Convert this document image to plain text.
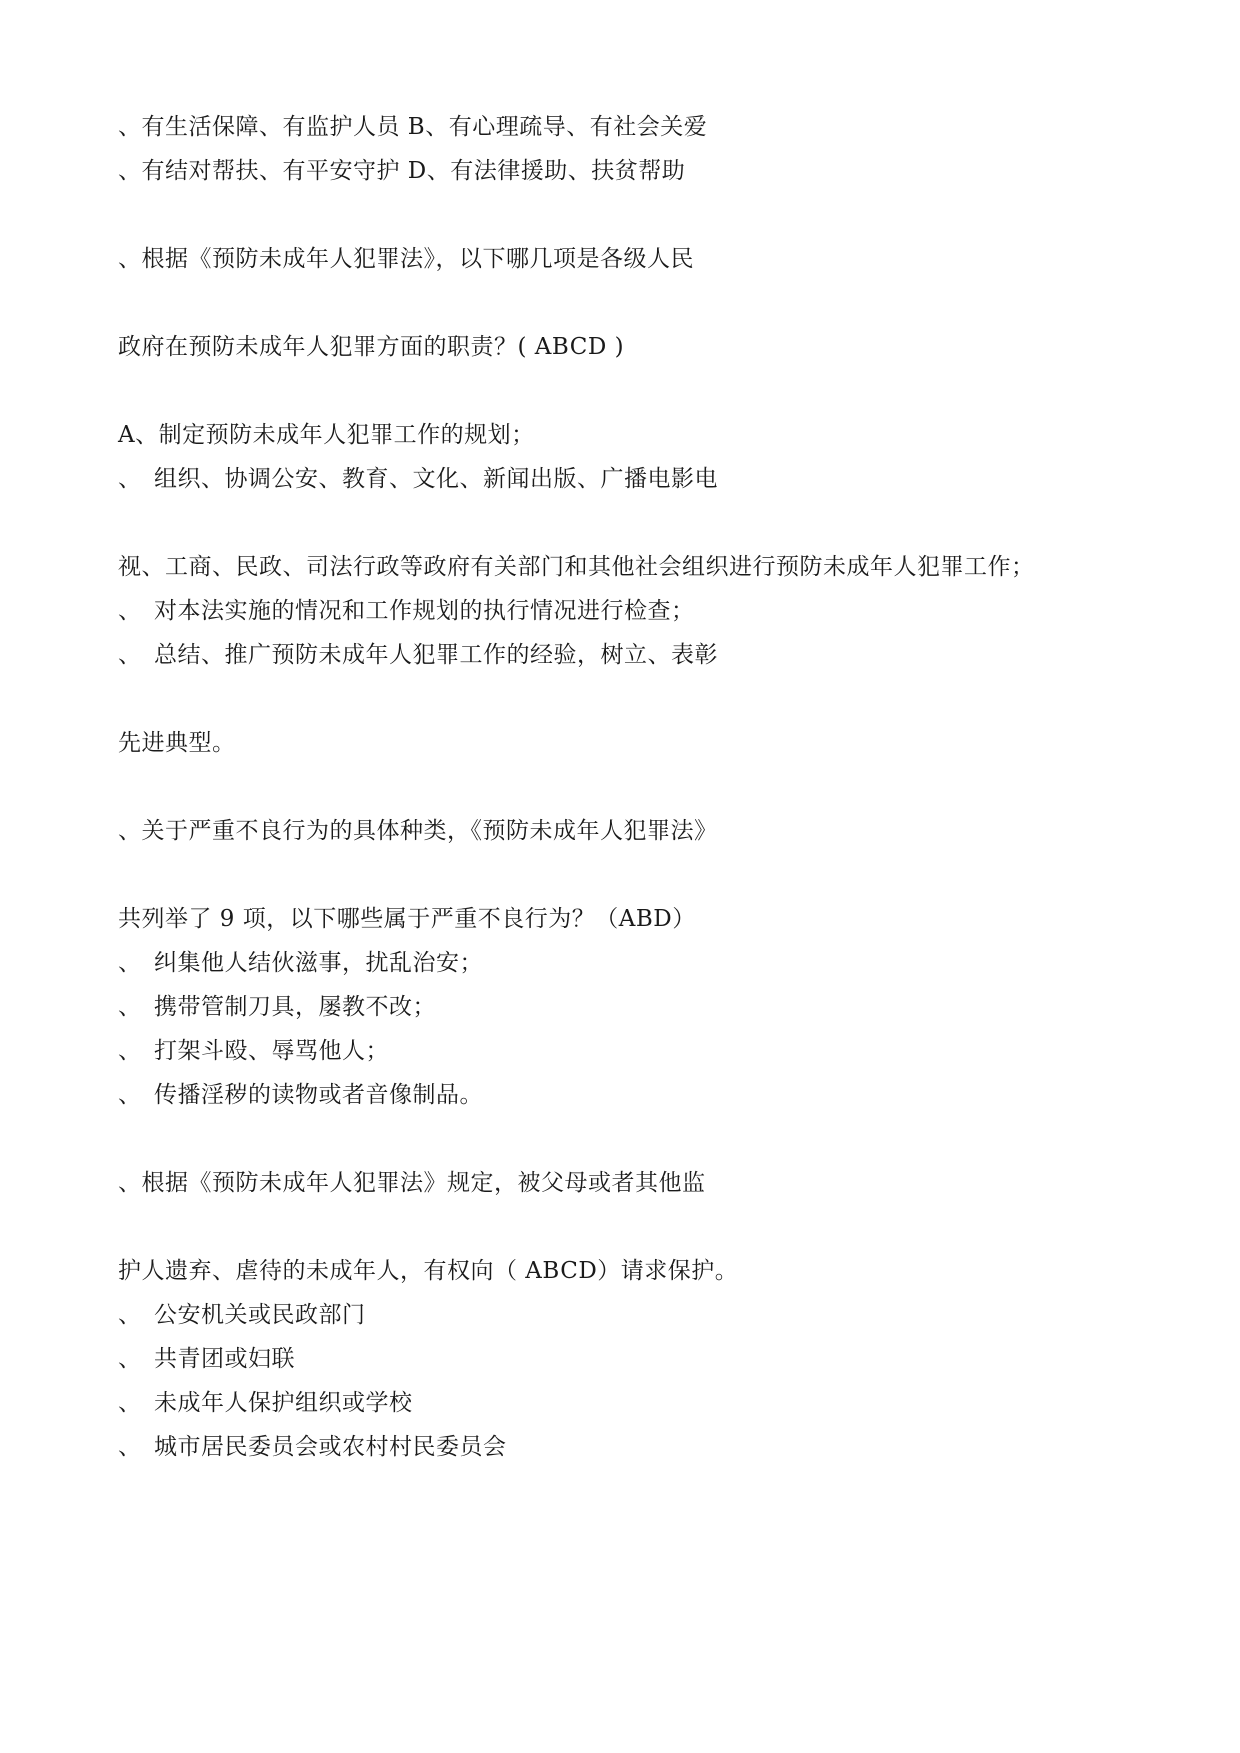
、有生活保障、有监护人员 B、有心理疏导、有社会关爱
、有结对帮扶、有平安守护 D、有法律援助、扶贫帮助
、根据《预防未成年人犯罪法》，以下哪几项是各级人民
政府在预防未成年人犯罪方面的职责？( ABCD )
A、制定预防未成年人犯罪工作的规划；
、 组织、协调公安、教育、文化、新闻出版、广播电影电
视、工商、民政、司法行政等政府有关部门和其他社会组织进行预防未成年人犯罪工作；
、 对本法实施的情况和工作规划的执行情况进行检查；
、 总结、推广预防未成年人犯罪工作的经验，树立、表彰
先进典型。
、关于严重不良行为的具体种类，《预防未成年人犯罪法》
共列举了 9 项，以下哪些属于严重不良行为？（ABD）
、 纠集他人结伙滋事，扰乱治安；
、 携带管制刀具，屡教不改；
、 打架斗殴、辱骂他人；
、 传播淫秽的读物或者音像制品。
、根据《预防未成年人犯罪法》规定，被父母或者其他监
护人遗弃、虐待的未成年人，有权向（ ABCD）请求保护。
、 公安机关或民政部门
、 共青团或妇联
、 未成年人保护组织或学校
、 城市居民委员会或农村村民委员会
